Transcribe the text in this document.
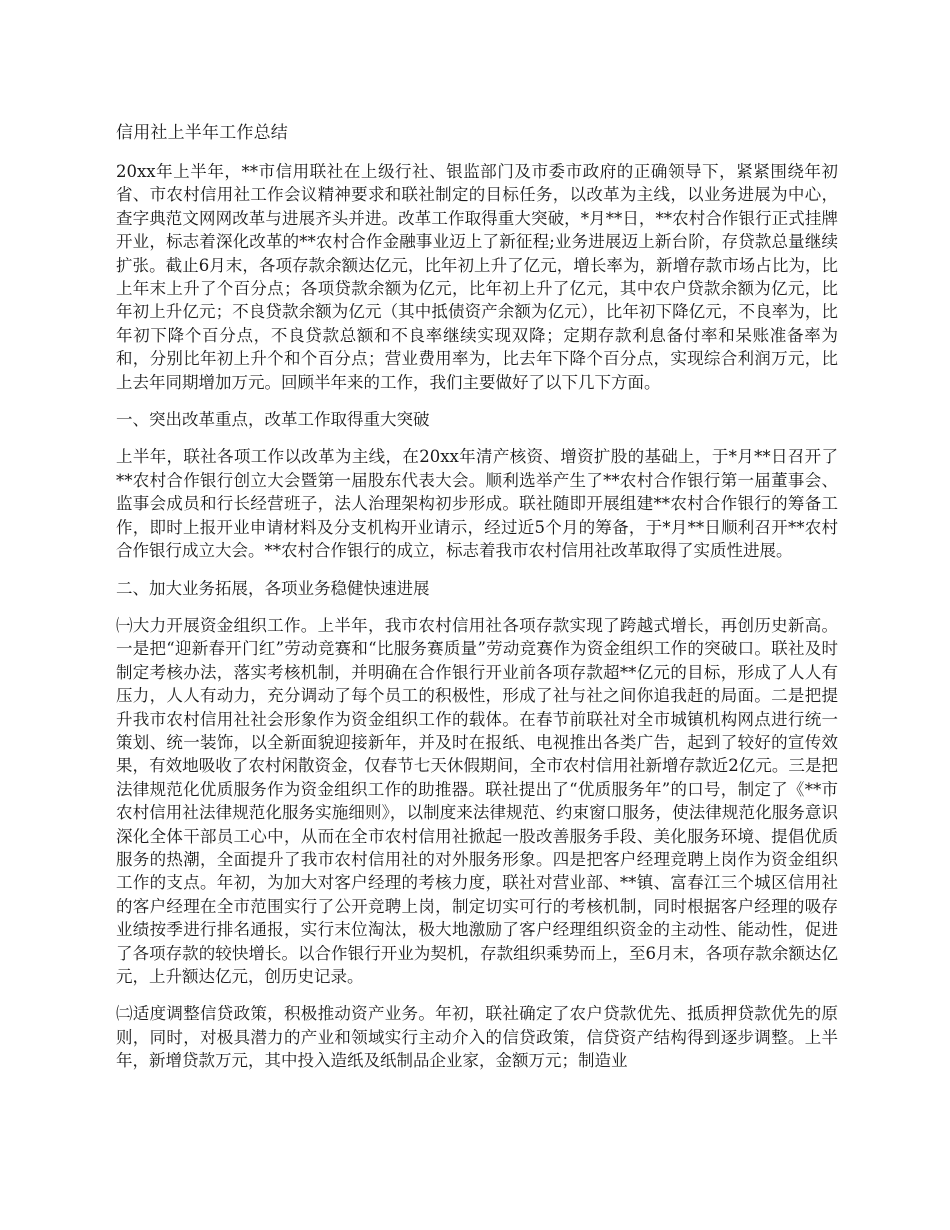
信用社上半年工作总结

20xx年上半年，**市信用联社在上级行社、银监部门及市委市政府的正确领导下，紧紧围绕年初省、市农村信用社工作会议精神要求和联社制定的目标任务，以改革为主线，以业务进展为中心，查字典范文网网改革与进展齐头并进。改革工作取得重大突破，*月**日，**农村合作银行正式挂牌开业，标志着深化改革的**农村合作金融事业迈上了新征程;业务进展迈上新台阶，存贷款总量继续扩张。截止6月末，各项存款余额达亿元，比年初上升了亿元，增长率为，新增存款市场占比为，比上年末上升了个百分点；各项贷款余额为亿元，比年初上升了亿元，其中农户贷款余额为亿元，比年初上升亿元；不良贷款余额为亿元（其中抵债资产余额为亿元），比年初下降亿元，不良率为，比年初下降个百分点，不良贷款总额和不良率继续实现双降；定期存款利息备付率和呆账准备率为和，分别比年初上升个和个百分点；营业费用率为，比去年下降个百分点，实现综合利润万元，比上去年同期增加万元。回顾半年来的工作，我们主要做好了以下几下方面。

一、突出改革重点，改革工作取得重大突破

上半年，联社各项工作以改革为主线，在20xx年清产核资、增资扩股的基础上，于*月**日召开了**农村合作银行创立大会暨第一届股东代表大会。顺利选举产生了**农村合作银行第一届董事会、监事会成员和行长经营班子，法人治理架构初步形成。联社随即开展组建**农村合作银行的筹备工作，即时上报开业申请材料及分支机构开业请示，经过近5个月的筹备，于*月**日顺利召开**农村合作银行成立大会。**农村合作银行的成立，标志着我市农村信用社改革取得了实质性进展。

二、加大业务拓展，各项业务稳健快速进展

㈠大力开展资金组织工作。上半年，我市农村信用社各项存款实现了跨越式增长，再创历史新高。一是把“迎新春开门红”劳动竞赛和“比服务赛质量”劳动竞赛作为资金组织工作的突破口。联社及时制定考核办法，落实考核机制，并明确在合作银行开业前各项存款超**亿元的目标，形成了人人有压力，人人有动力，充分调动了每个员工的积极性，形成了社与社之间你追我赶的局面。二是把提升我市农村信用社社会形象作为资金组织工作的载体。在春节前联社对全市城镇机构网点进行统一策划、统一装饰，以全新面貌迎接新年，并及时在报纸、电视推出各类广告，起到了较好的宣传效果，有效地吸收了农村闲散资金，仅春节七天休假期间，全市农村信用社新增存款近2亿元。三是把法律规范化优质服务作为资金组织工作的助推器。联社提出了“优质服务年”的口号，制定了《**市农村信用社法律规范化服务实施细则》，以制度来法律规范、约束窗口服务，使法律规范化服务意识深化全体干部员工心中，从而在全市农村信用社掀起一股改善服务手段、美化服务环境、提倡优质服务的热潮，全面提升了我市农村信用社的对外服务形象。四是把客户经理竞聘上岗作为资金组织工作的支点。年初，为加大对客户经理的考核力度，联社对营业部、**镇、富春江三个城区信用社的客户经理在全市范围实行了公开竞聘上岗，制定切实可行的考核机制，同时根据客户经理的吸存业绩按季进行排名通报，实行末位淘汰，极大地激励了客户经理组织资金的主动性、能动性，促进了各项存款的较快增长。以合作银行开业为契机，存款组织乘势而上，至6月末，各项存款余额达亿元，上升额达亿元，创历史记录。

㈡适度调整信贷政策，积极推动资产业务。年初，联社确定了农户贷款优先、抵质押贷款优先的原则，同时，对极具潜力的产业和领域实行主动介入的信贷政策，信贷资产结构得到逐步调整。上半年，新增贷款万元，其中投入造纸及纸制品企业家，金额万元；制造业
